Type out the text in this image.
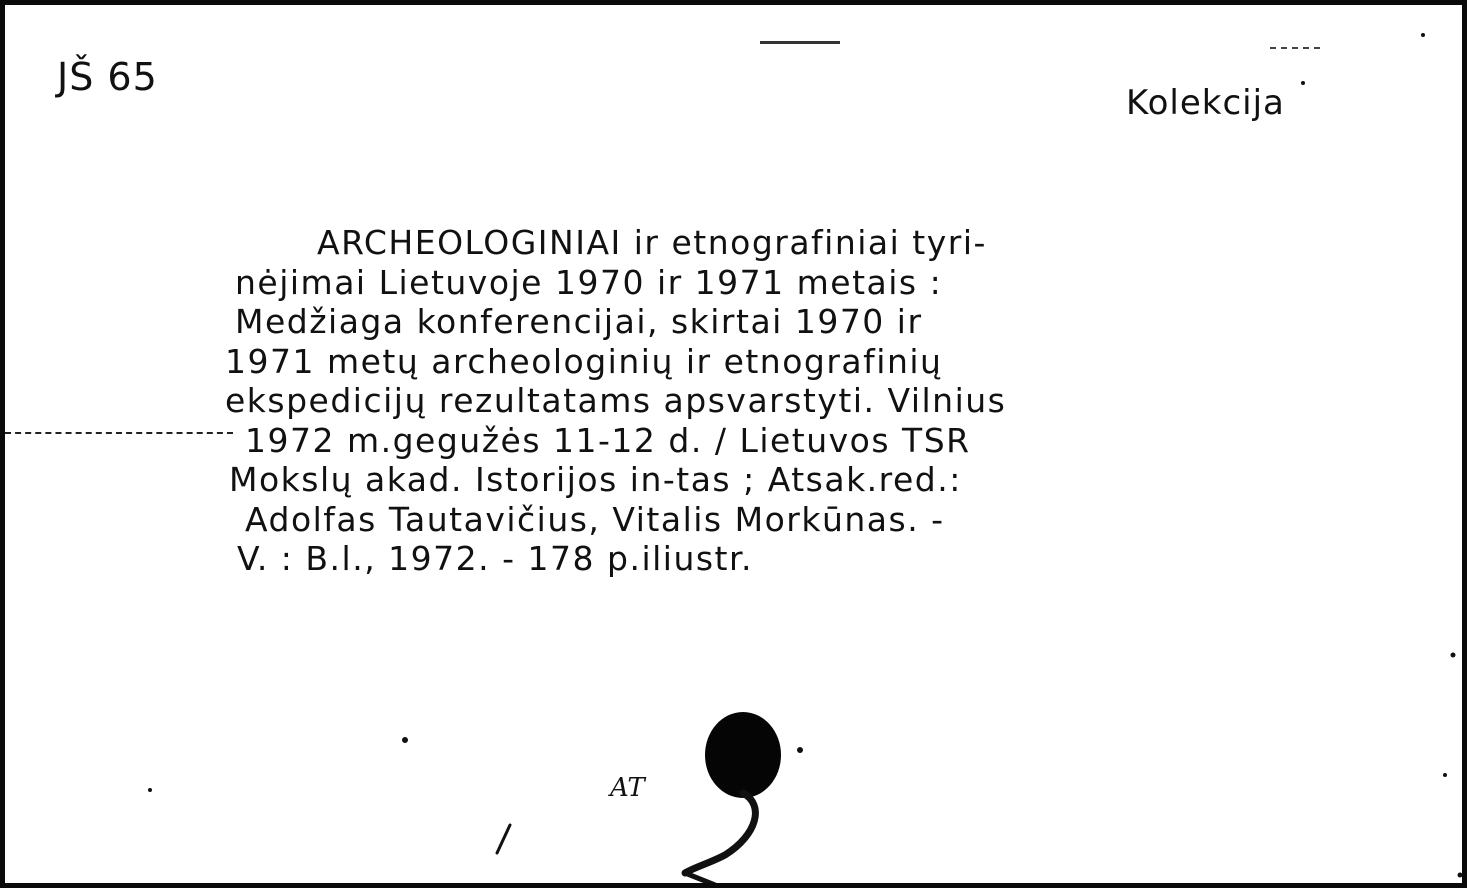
JŠ 65
Kolekcija
ARCHEOLOGINIAI ir etnografiniai tyri-
nėjimai Lietuvoje 1970 ir 1971 metais :
Medžiaga konferencijai, skirtai 1970 ir
1971 metų archeologinių ir etnografinių
ekspedicijų rezultatams apsvarstyti. Vilnius
1972 m.gegužės 11-12 d. / Lietuvos TSR
Mokslų akad. Istorijos in-tas ; Atsak.red.:
Adolfas Tautavičius, Vitalis Morkūnas. -
V. : B.l., 1972. - 178 p.iliustr.
AT
